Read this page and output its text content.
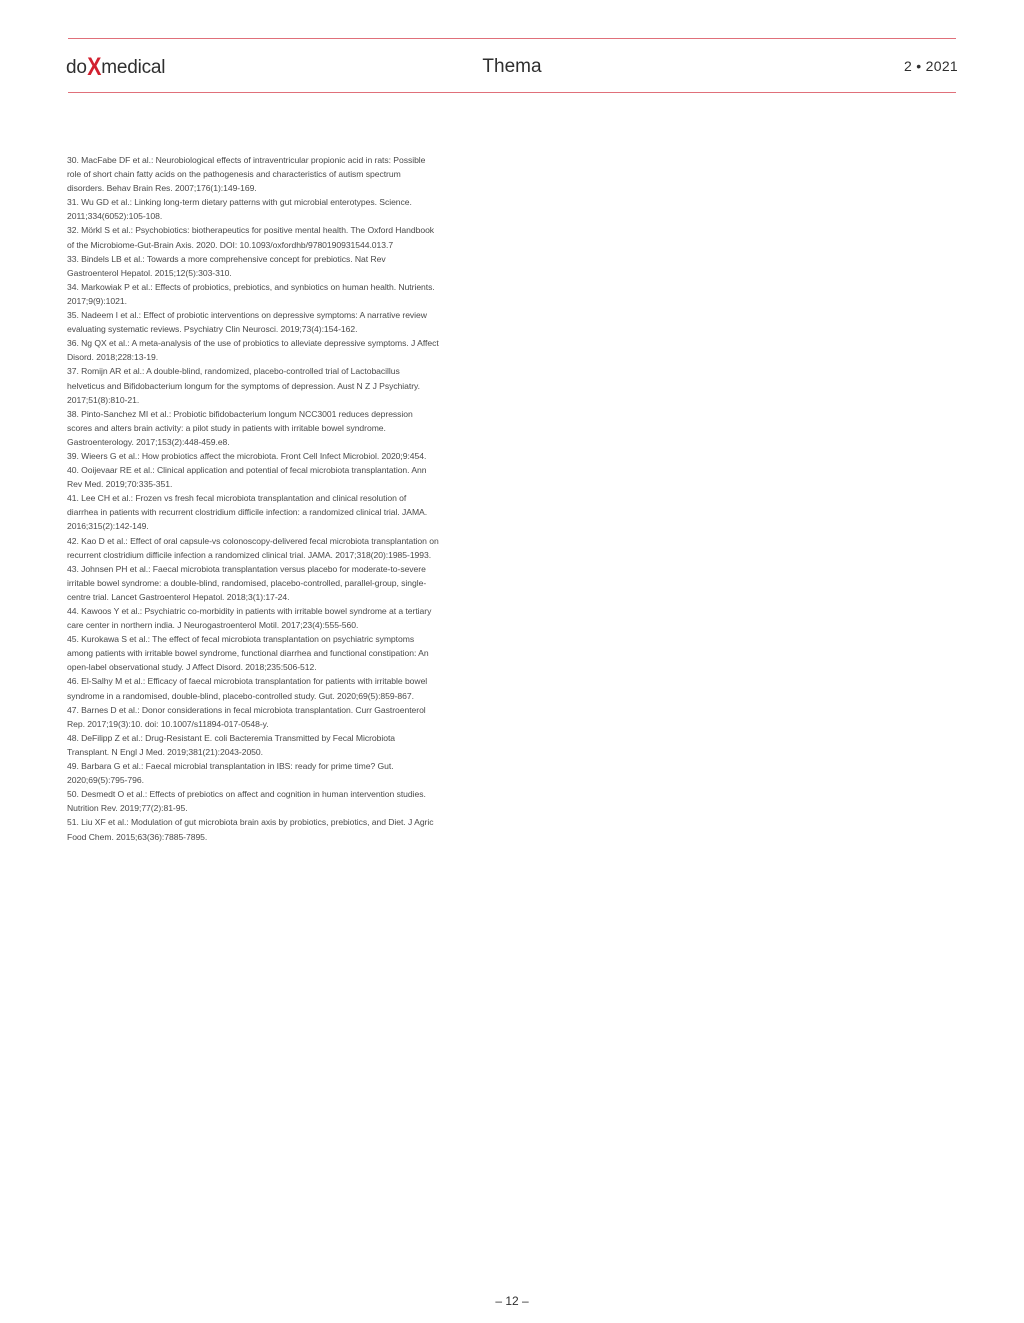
do X medical	Thema	2 • 2021

30. MacFabe DF et al.: Neurobiological effects of intraventricular propionic acid in rats: Possible role of short chain fatty acids on the pathogenesis and characteristics of autism spectrum disorders. Behav Brain Res. 2007;176(1):149-169.

31. Wu GD et al.: Linking long-term dietary patterns with gut microbial enterotypes. Science. 2011;334(6052):105-108.

32. Mörkl S et al.: Psychobiotics: biotherapeutics for positive mental health. The Oxford Handbook of the Microbiome-Gut-Brain Axis. 2020. DOI: 10.1093/oxfordhb/9780190931544.013.7

33. Bindels LB et al.: Towards a more comprehensive concept for prebiotics. Nat Rev Gastroenterol Hepatol. 2015;12(5):303-310.

34. Markowiak P et al.: Effects of probiotics, prebiotics, and synbiotics on human health. Nutrients. 2017;9(9):1021.

35. Nadeem I et al.: Effect of probiotic interventions on depressive symptoms: A narrative review evaluating systematic reviews. Psychiatry Clin Neurosci. 2019;73(4):154-162.

36. Ng QX et al.: A meta-analysis of the use of probiotics to alleviate depressive symptoms. J Affect Disord. 2018;228:13-19.

37. Romijn AR et al.: A double-blind, randomized, placebo-controlled trial of Lactobacillus helveticus and Bifidobacterium longum for the symptoms of depression. Aust N Z J Psychiatry. 2017;51(8):810-21.

38. Pinto-Sanchez MI et al.: Probiotic bifidobacterium longum NCC3001 reduces depression scores and alters brain activity: a pilot study in patients with irritable bowel syndrome. Gastroenterology. 2017;153(2):448-459.e8.

39. Wieers G et al.: How probiotics affect the microbiota. Front Cell Infect Microbiol. 2020;9:454.

40. Ooijevaar RE et al.: Clinical application and potential of fecal microbiota transplantation. Ann Rev Med. 2019;70:335-351.

41. Lee CH et al.: Frozen vs fresh fecal microbiota transplantation and clinical resolution of diarrhea in patients with recurrent clostridium difficile infection: a randomized clinical trial. JAMA. 2016;315(2):142-149.

42. Kao D et al.: Effect of oral capsule-vs colonoscopy-delivered fecal microbiota transplantation on recurrent clostridium difficile infection a randomized clinical trial. JAMA. 2017;318(20):1985-1993.

43. Johnsen PH et al.: Faecal microbiota transplantation versus placebo for moderate-to-severe irritable bowel syndrome: a double-blind, randomised, placebo-controlled, parallel-group, single-centre trial. Lancet Gastroenterol Hepatol. 2018;3(1):17-24.

44. Kawoos Y et al.: Psychiatric co-morbidity in patients with irritable bowel syndrome at a tertiary care center in northern india. J Neurogastroenterol Motil. 2017;23(4):555-560.

45. Kurokawa S et al.: The effect of fecal microbiota transplantation on psychiatric symptoms among patients with irritable bowel syndrome, functional diarrhea and functional constipation: An open-label observational study. J Affect Disord. 2018;235:506-512.

46. El-Salhy M et al.: Efficacy of faecal microbiota transplantation for patients with irritable bowel syndrome in a randomised, double-blind, placebo-controlled study. Gut. 2020;69(5):859-867.

47. Barnes D et al.: Donor considerations in fecal microbiota transplantation. Curr Gastroenterol Rep. 2017;19(3):10. doi: 10.1007/s11894-017-0548-y.

48. DeFilipp Z et al.: Drug-Resistant E. coli Bacteremia Transmitted by Fecal Microbiota Transplant. N Engl J Med. 2019;381(21):2043-2050.

49. Barbara G et al.: Faecal microbial transplantation in IBS: ready for prime time? Gut. 2020;69(5):795-796.

50. Desmedt O et al.: Effects of prebiotics on affect and cognition in human intervention studies. Nutrition Rev. 2019;77(2):81-95.

51. Liu XF et al.: Modulation of gut microbiota brain axis by probiotics, prebiotics, and Diet. J Agric Food Chem. 2015;63(36):7885-7895.

– 12 –
